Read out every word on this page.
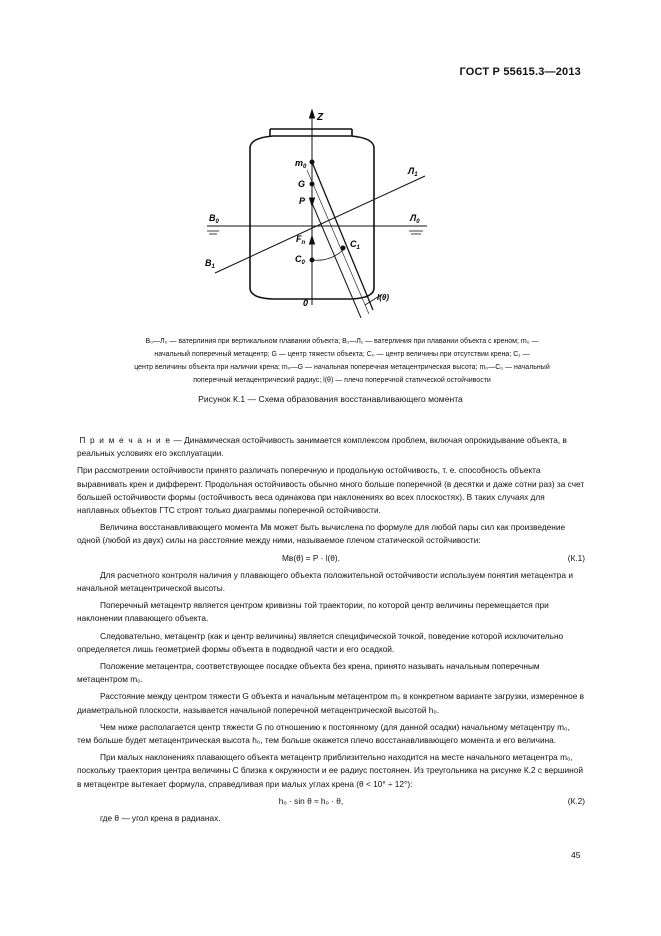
ГОСТ Р 55615.3—2013
Z
$m_0$
G
P
$B_0$	$Л_0$
$Л_1$
$B_1$
$F_n$
$C_0$
$C_1$
0
l(θ)
B₀—Л₀ — ватерлиния при вертикальном плавании объекта; B₁—Л₁ — ватерлиния при плавании объекта с креном; m₀ —
начальный поперечный метацентр; G — центр тяжести объекта; C₀ — центр величины при отсутствии крена; C₁ —
центр величины объекта при наличии крена; m₀—G — начальная поперечная метацентрическая высота; m₀—C₀ — начальный
поперечный метацентрический радиус; l(θ) — плечо поперечной статической остойчивости
Рисунок К.1 — Схема образования восстанавливающего момента

П р и м е ч а н и е — Динамическая остойчивость занимается комплексом проблем, включая опрокидывание объекта, в реальных условиях его эксплуатации.

При рассмотрении остойчивости принято различать поперечную и продольную остойчивость, т. е. способность объекта выравнивать крен и дифферент. Продольная остойчивость обычно много больше поперечной (в десятки и даже сотни раз) за счет большей остойчивости формы (остойчивость веса одинакова при наклонениях во всех плоскостях). В таких случаях для наплавных объектов ГТС строят только диаграммы поперечной остойчивости.

Величина восстанавливающего момента Mв может быть вычислена по формуле для любой пары сил как произведение одной (любой из двух) силы на расстояние между ними, называемое плечом статической остойчивости:

Mв(θ) = P · l(θ).	(К.1)

Для расчетного контроля наличия у плавающего объекта положительной остойчивости используем понятия метацентра и начальной метацентрической высоты.

Поперечный метацентр является центром кривизны той траектории, по которой центр величины перемещается при наклонении плавающего объекта.

Следовательно, метацентр (как и центр величины) является специфической точкой, поведение которой исключительно определяется лишь геометрией формы объекта в подводной части и его осадкой.

Положение метацентра, соответствующее посадке объекта без крена, принято называть начальным поперечным метацентром m₀.

Расстояние между центром тяжести G объекта и начальным метацентром m₀ в конкретном варианте загрузки, измеренное в диаметральной плоскости, называется начальной поперечной метацентрической высотой h₀.

Чем ниже располагается центр тяжести G по отношению к постоянному (для данной осадки) начальному метацентру m₀, тем больше будет метацентрическая высота h₀, тем больше окажется плечо восстанавливающего момента и его величина.

При малых наклонениях плавающего объекта метацентр приблизительно находится на месте начального метацентра m₀, поскольку траектория центра величины C близка к окружности и ее радиус постоянен. Из треугольника на рисунке К.2 с вершиной в метацентре вытекает формула, справедливая при малых углах крена (θ < 10° ÷ 12°):

h₀ · sin θ ≈ h₀ · θ,	(К.2)

где θ — угол крена в радианах.

45
